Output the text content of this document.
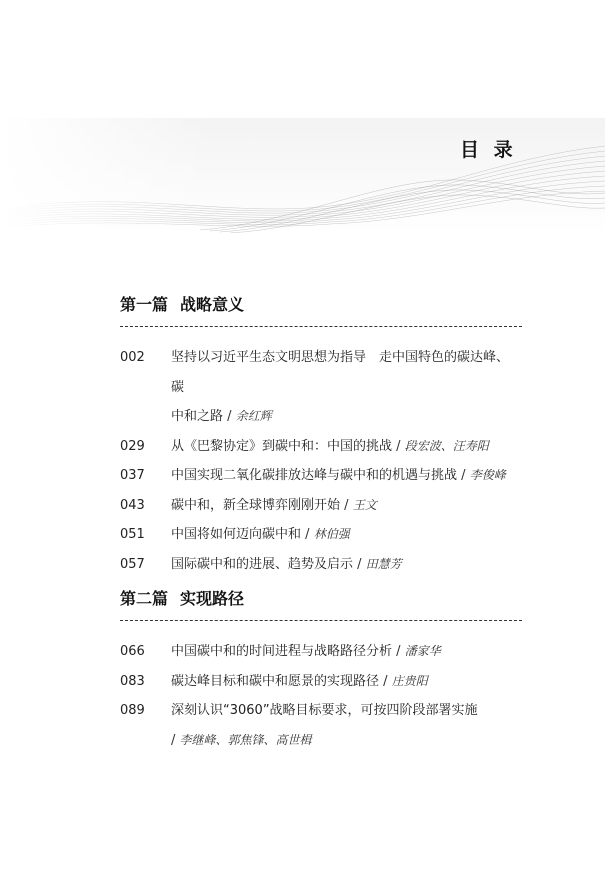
目 录
第一篇 战略意义
002	坚持以习近平生态文明思想为指导　走中国特色的碳达峰、碳
中和之路 / 余红辉
029	从《巴黎协定》到碳中和：中国的挑战 / 段宏波、汪寿阳
037	中国实现二氧化碳排放达峰与碳中和的机遇与挑战 / 李俊峰
043	碳中和，新全球博弈刚刚开始 / 王文
051	中国将如何迈向碳中和 / 林伯强
057	国际碳中和的进展、趋势及启示 / 田慧芳
第二篇 实现路径
066	中国碳中和的时间进程与战略路径分析 / 潘家华
083	碳达峰目标和碳中和愿景的实现路径 / 庄贵阳
089	深刻认识“3060”战略目标要求，可按四阶段部署实施
/ 李继峰、郭焦锋、高世楫
